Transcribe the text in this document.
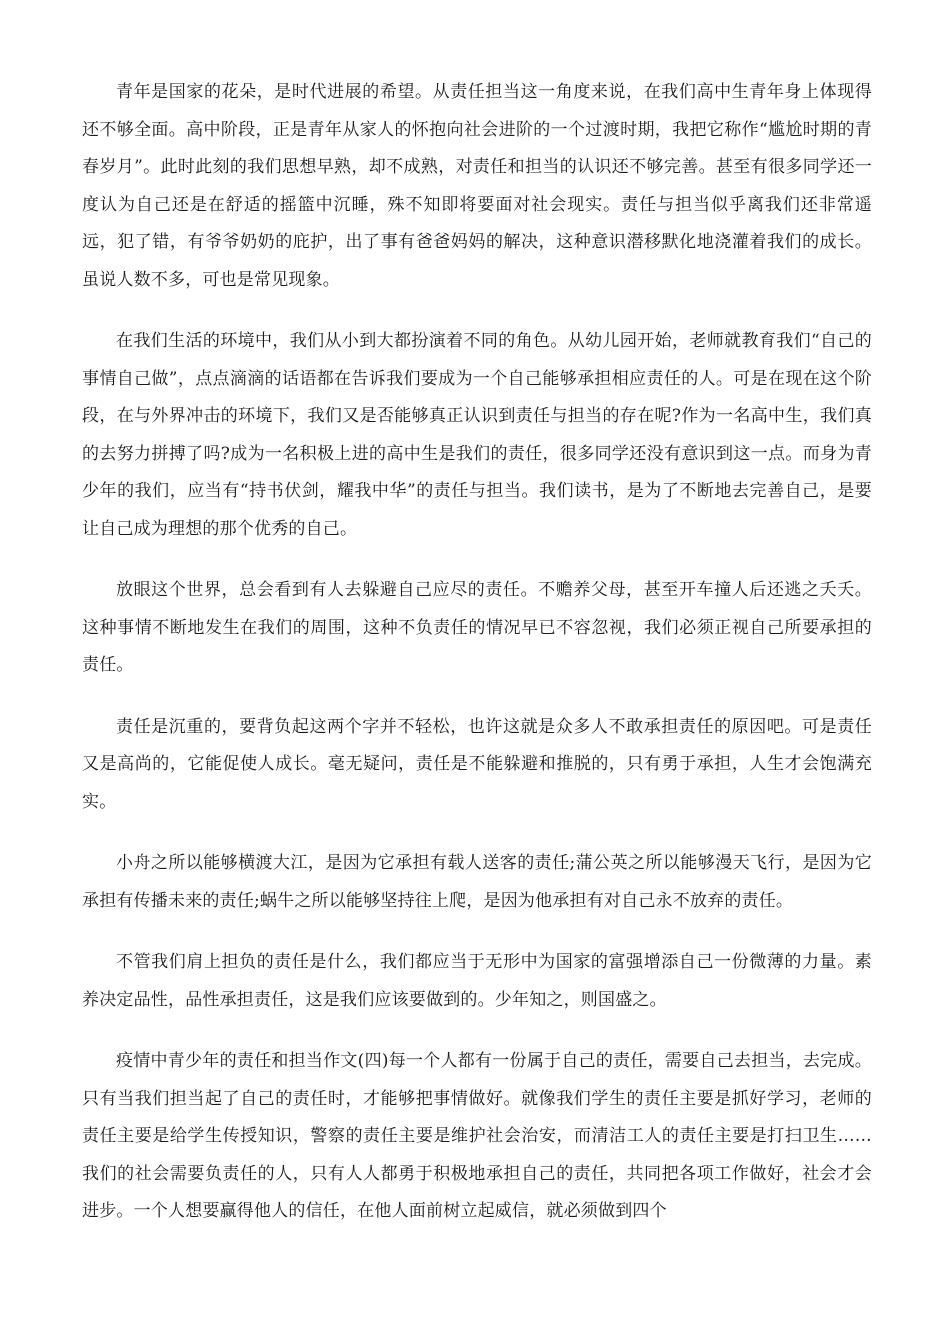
青年是国家的花朵，是时代进展的希望。从责任担当这一角度来说，在我们高中生青年身上体现得还不够全面。高中阶段，正是青年从家人的怀抱向社会进阶的一个过渡时期，我把它称作“尴尬时期的青春岁月”。此时此刻的我们思想早熟，却不成熟，对责任和担当的认识还不够完善。甚至有很多同学还一度认为自己还是在舒适的摇篮中沉睡，殊不知即将要面对社会现实。责任与担当似乎离我们还非常遥远，犯了错，有爷爷奶奶的庇护，出了事有爸爸妈妈的解决，这种意识潜移默化地浇灌着我们的成长。虽说人数不多，可也是常见现象。

在我们生活的环境中，我们从小到大都扮演着不同的角色。从幼儿园开始，老师就教育我们“自己的事情自己做”，点点滴滴的话语都在告诉我们要成为一个自己能够承担相应责任的人。可是在现在这个阶段，在与外界冲击的环境下，我们又是否能够真正认识到责任与担当的存在呢?作为一名高中生，我们真的去努力拼搏了吗?成为一名积极上进的高中生是我们的责任，很多同学还没有意识到这一点。而身为青少年的我们，应当有“持书伏剑，耀我中华”的责任与担当。我们读书，是为了不断地去完善自己，是要让自己成为理想的那个优秀的自己。

放眼这个世界，总会看到有人去躲避自己应尽的责任。不赡养父母，甚至开车撞人后还逃之夭夭。这种事情不断地发生在我们的周围，这种不负责任的情况早已不容忽视，我们必须正视自己所要承担的责任。

责任是沉重的，要背负起这两个字并不轻松，也许这就是众多人不敢承担责任的原因吧。可是责任又是高尚的，它能促使人成长。毫无疑问，责任是不能躲避和推脱的，只有勇于承担，人生才会饱满充实。

小舟之所以能够横渡大江，是因为它承担有载人送客的责任;蒲公英之所以能够漫天飞行，是因为它承担有传播未来的责任;蜗牛之所以能够坚持往上爬，是因为他承担有对自己永不放弃的责任。

不管我们肩上担负的责任是什么，我们都应当于无形中为国家的富强增添自己一份微薄的力量。素养决定品性，品性承担责任，这是我们应该要做到的。少年知之，则国盛之。

疫情中青少年的责任和担当作文(四)每一个人都有一份属于自己的责任，需要自己去担当，去完成。只有当我们担当起了自己的责任时，才能够把事情做好。就像我们学生的责任主要是抓好学习，老师的责任主要是给学生传授知识，警察的责任主要是维护社会治安，而清洁工人的责任主要是打扫卫生……我们的社会需要负责任的人，只有人人都勇于积极地承担自己的责任，共同把各项工作做好，社会才会进步。一个人想要赢得他人的信任，在他人面前树立起威信，就必须做到四个
